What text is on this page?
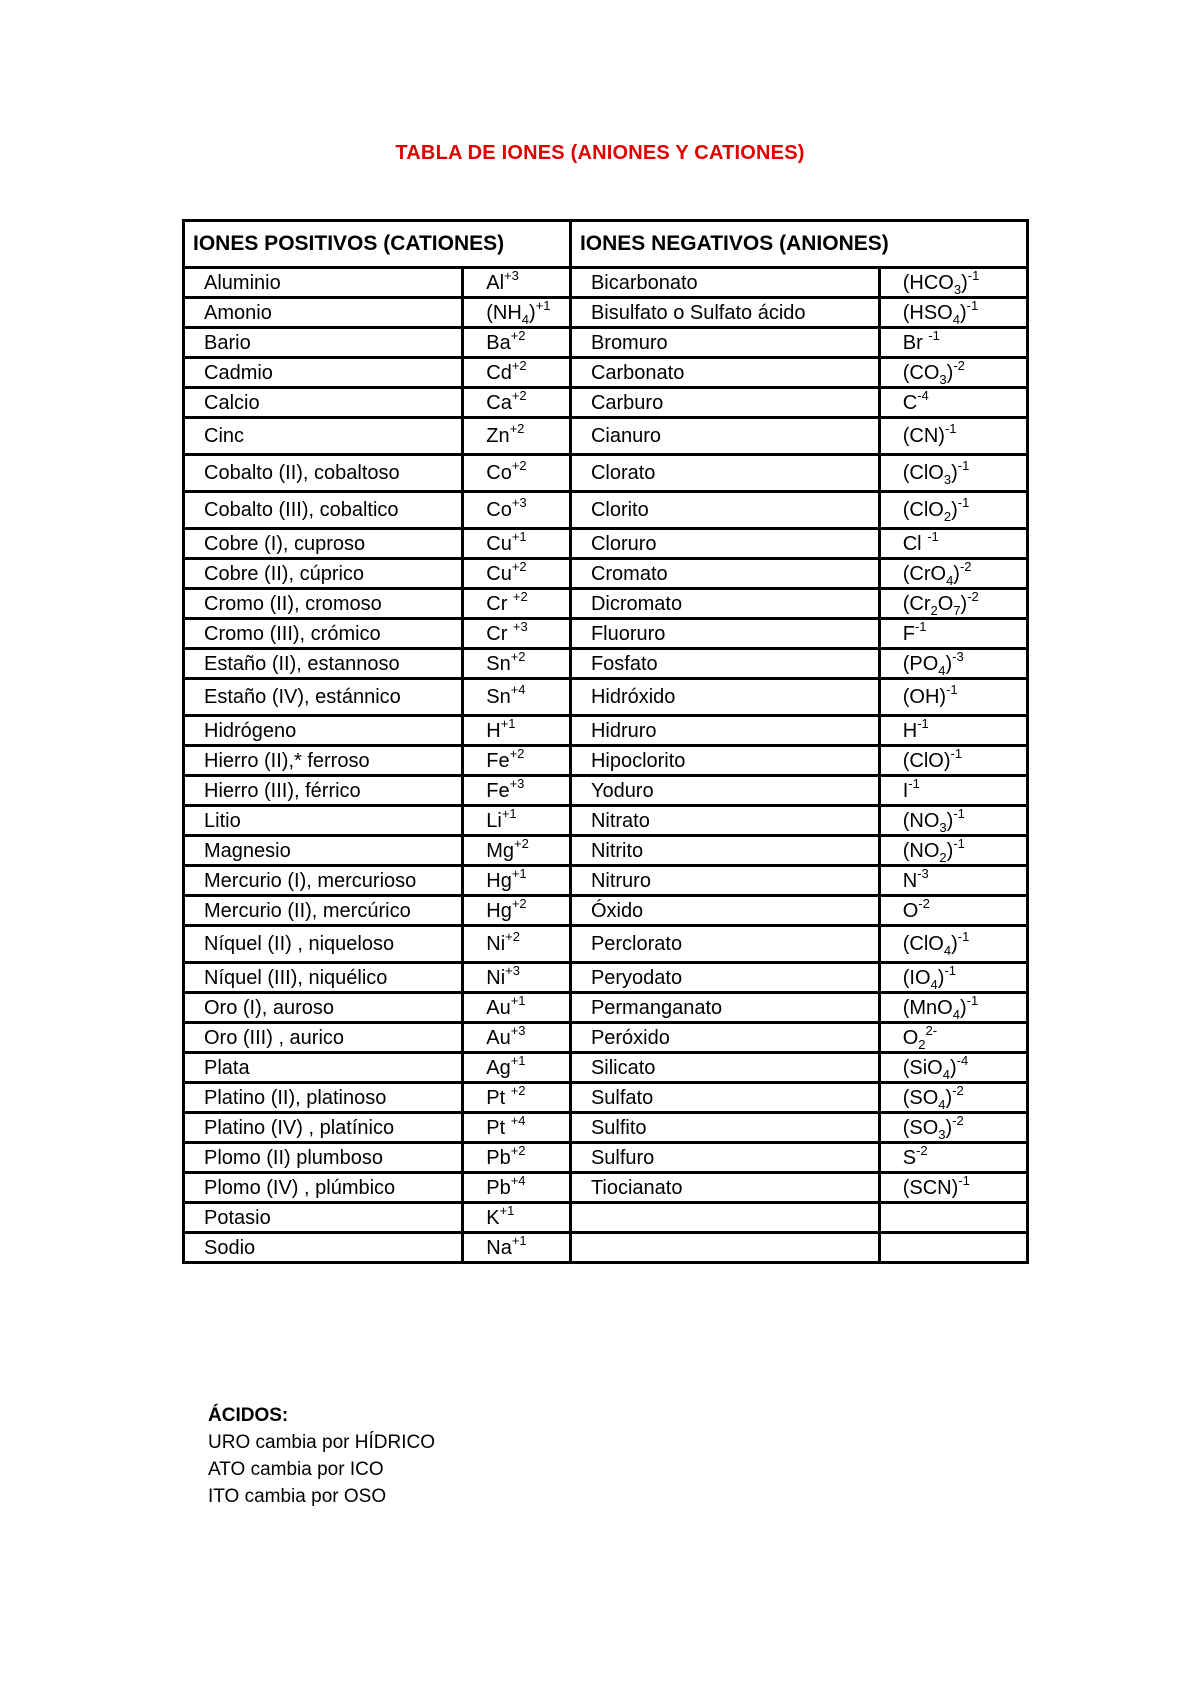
TABLA DE IONES (ANIONES Y CATIONES)
IONES POSITIVOS (CATIONES)		IONES NEGATIVOS (ANIONES)	
Aluminio	$Al^{+3}$	Bicarbonato	$(HCO_3)^{-1}$
Amonio	$(NH_4)^{+1}$	Bisulfato o Sulfato ácido	$(HSO_4)^{-1}$
Bario	$Ba^{+2}$	Bromuro	Br $^{-1}$
Cadmio	$Cd^{+2}$	Carbonato	$(CO_3)^{-2}$
Calcio	$Ca^{+2}$	Carburo	$C^{-4}$
Cinc	$Zn^{+2}$	Cianuro	(CN)$^{-1}$
Cobalto (II), cobaltoso	$Co^{+2}$	Clorato	$(ClO_3)^{-1}$
Cobalto (III), cobaltico	$Co^{+3}$	Clorito	$(ClO_2)^{-1}$
Cobre (I), cuproso	$Cu^{+1}$	Cloruro	Cl $^{-1}$
Cobre (II), cúprico	$Cu^{+2}$	Cromato	$(CrO_4)^{-2}$
Cromo (II), cromoso	Cr $^{+2}$	Dicromato	$(Cr_2O_7)^{-2}$
Cromo (III), crómico	Cr $^{+3}$	Fluoruro	$F^{-1}$
Estaño (II), estannoso	$Sn^{+2}$	Fosfato	$(PO_4)^{-3}$
Estaño (IV), estánnico	$Sn^{+4}$	Hidróxido	(OH)$^{-1}$
Hidrógeno	$H^{+1}$	Hidruro	$H^{-1}$
Hierro (II),* ferroso	$Fe^{+2}$	Hipoclorito	(ClO)$^{-1}$
Hierro (III), férrico	$Fe^{+3}$	Yoduro	$I^{-1}$
Litio	$Li^{+1}$	Nitrato	$(NO_3)^{-1}$
Magnesio	$Mg^{+2}$	Nitrito	$(NO_2)^{-1}$
Mercurio (I), mercurioso	$Hg^{+1}$	Nitruro	$N^{-3}$
Mercurio (II), mercúrico	$Hg^{+2}$	Óxido	$O^{-2}$
Níquel (II) , niqueloso	$Ni^{+2}$	Perclorato	$(ClO_4)^{-1}$
Níquel (III), niquélico	$Ni^{+3}$	Peryodato	$(IO_4)^{-1}$
Oro (I), auroso	$Au^{+1}$	Permanganato	$(MnO_4)^{-1}$
Oro (III) , aurico	$Au^{+3}$	Peróxido	$O_2^{2-}$
Plata	$Ag^{+1}$	Silicato	$(SiO_4)^{-4}$
Platino (II), platinoso	Pt $^{+2}$	Sulfato	$(SO_4)^{-2}$
Platino (IV) , platínico	Pt $^{+4}$	Sulfito	$(SO_3)^{-2}$
Plomo (II) plumboso	$Pb^{+2}$	Sulfuro	$S^{-2}$
Plomo (IV) , plúmbico	$Pb^{+4}$	Tiocianato	(SCN)$^{-1}$
Potasio	$K^{+1}$		
Sodio	$Na^{+1}$		
ÁCIDOS:
URO cambia por HÍDRICO
ATO cambia por ICO
ITO cambia por OSO
